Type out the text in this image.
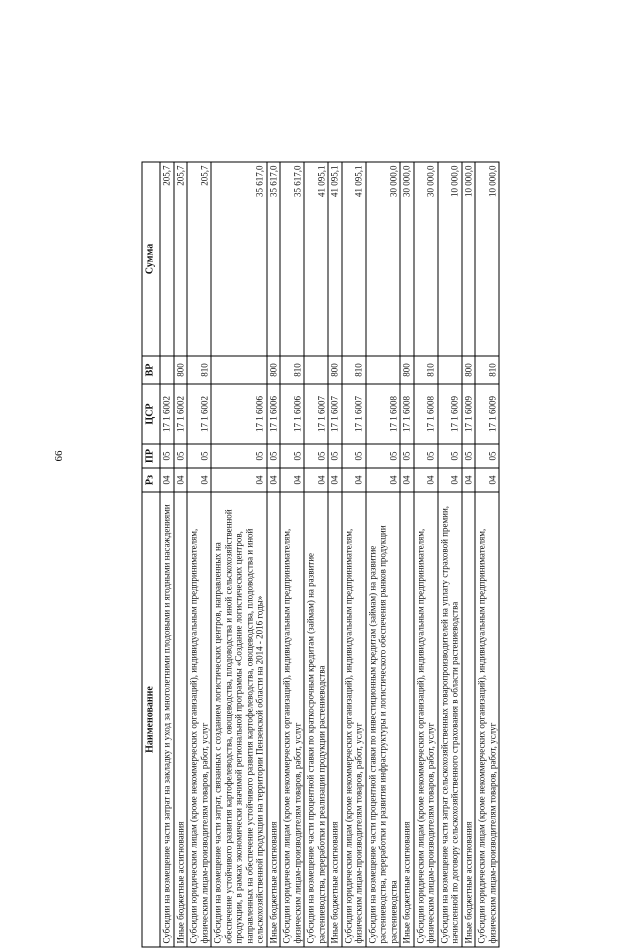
66
Наименование	Рз	ПР	ЦСР	ВР	Сумма
Субсидии на возмещение части затрат на закладку и уход за многолетними плодовыми и ягодными насаждениями	04	05	17 1 6002		205,7
Иные бюджетные ассигнования	04	05	17 1 6002	800	205,7
Субсидии юридическим лицам (кроме некоммерческих организаций), индивидуальным предпринимателям, физическим лицам-производителям товаров, работ, услуг	04	05	17 1 6002	810	205,7
Субсидии на возмещение части затрат, связанных с созданием логистических центров, направленных на обеспечение устойчивого развития картофелеводства, овощеводства, плодоводства и иной сельскохозяйственной продукции, в рамках экономически значимой региональной программы «Создание логистических центров, направленных на обеспечение устойчивого развития картофелеводства, овощеводства, плодоводства и иной сельскохозяйственной продукции на территории Пензенской области на 2014 - 2016 годы»	04	05	17 1 6006		35 617,0
Иные бюджетные ассигнования	04	05	17 1 6006	800	35 617,0
Субсидии юридическим лицам (кроме некоммерческих организаций), индивидуальным предпринимателям, физическим лицам-производителям товаров, работ, услуг	04	05	17 1 6006	810	35 617,0
Субсидии на возмещение части процентной ставки по краткосрочным кредитам (займам) на развитие растениеводства, переработки и реализации продукции растениеводства	04	05	17 1 6007		41 095,1
Иные бюджетные ассигнования	04	05	17 1 6007	800	41 095,1
Субсидии юридическим лицам (кроме некоммерческих организаций), индивидуальным предпринимателям, физическим лицам-производителям товаров, работ, услуг	04	05	17 1 6007	810	41 095,1
Субсидии на возмещение части процентной ставки по инвестиционным кредитам (займам) на развитие растениеводства, переработки и развития инфраструктуры и логистического обеспечения рынков продукции растениеводства	04	05	17 1 6008		30 000,0
Иные бюджетные ассигнования	04	05	17 1 6008	800	30 000,0
Субсидии юридическим лицам (кроме некоммерческих организаций), индивидуальным предпринимателям, физическим лицам-производителям товаров, работ, услуг	04	05	17 1 6008	810	30 000,0
Субсидии на возмещение части затрат сельскохозяйственных товаропроизводителей на уплату страховой премии, начисленной по договору сельскохозяйственного страхования в области растениеводства	04	05	17 1 6009		10 000,0
Иные бюджетные ассигнования	04	05	17 1 6009	800	10 000,0
Субсидии юридическим лицам (кроме некоммерческих организаций), индивидуальным предпринимателям, физическим лицам-производителям товаров, работ, услуг	04	05	17 1 6009	810	10 000,0
